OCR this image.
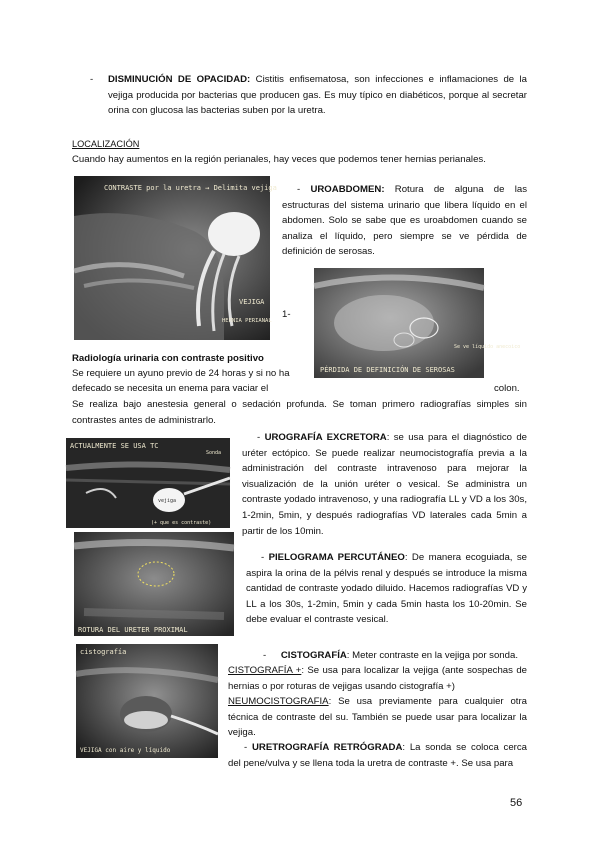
-	DISMINUCIÓN DE OPACIDAD: Cistitis enfisematosa, son infecciones e inflamaciones de la vejiga producida por bacterias que producen gas. Es muy típico en diabéticos, porque al secretar orina con glucosa las bacterias suben por la uretra.
LOCALIZACIÓN
Cuando hay aumentos en la región perianales, hay veces que podemos tener hernias perianales.
CONTRASTE por la uretra → Delimita vejiga
VEJIGA
HERNIA PERIANAL
- UROABDOMEN: Rotura de alguna de las estructuras del sistema urinario que libera líquido en el abdomen. Solo se sabe que es uroabdomen cuando se analiza el líquido, pero siempre se ve pérdida de definición de serosas.
Se ve líquido anecoico
PÉRDIDA DE DEFINICIÓN DE SEROSAS
1-
Radiología urinaria con contraste positivo
Se requiere un ayuno previo de 24 horas y si no ha
defecado se necesita un enema para vaciar el	colon.
Se realiza bajo anestesia general o sedación profunda. Se toman primero radiografías simples sin contrastes antes de administrarlo.
ACTUALMENTE SE USA TC
Sonda
vejiga
(+ que es contraste)
- UROGRAFÍA EXCRETORA: se usa para el diagnóstico de uréter ectópico. Se puede realizar neumocistografía previa a la administración del contraste intravenoso para mejorar la visualización de la unión uréter o vesical. Se administra un contraste yodado intravenoso, y una radiografía LL y VD a los 30s, 1-2min, 5min, y después radiografías VD laterales cada 5min a partir de los 10min.
ROTURA DEL URETER PROXIMAL
- PIELOGRAMA PERCUTÁNEO: De manera ecoguiada, se aspira la orina de la pélvis renal y después se introduce la misma cantidad de contraste yodado diluido. Hacemos radiografías VD y LL a los 30s, 1-2min, 5min y cada 5min hasta los 10-20min. Se debe evaluar el contraste vesical.
cistografía
VEJIGA con aire y líquido
- CISTOGRAFÍA: Meter contraste en la vejiga por sonda.
CISTOGRAFÍA +: Se usa para localizar la vejiga (ante sospechas de hernias o por roturas de vejigas usando cistografía +)
NEUMOCISTOGRAFIA: Se usa previamente para cualquier otra técnica de contraste del su. También se puede usar para localizar la vejiga.
- URETROGRAFÍA RETRÓGRADA: La sonda se coloca cerca del pene/vulva y se llena toda la uretra de contraste +. Se usa para
56
